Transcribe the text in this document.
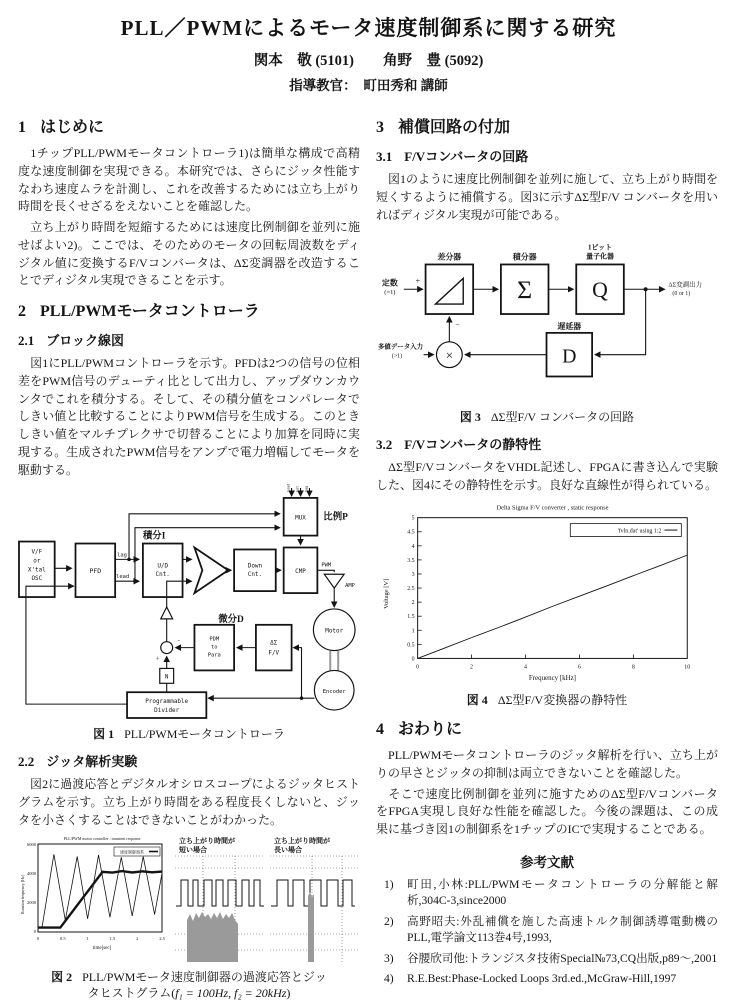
PLL／PWMによるモータ速度制御系に関する研究
関本　敬 (5101)　　角野　豊 (5092)
指導教官：　町田秀和 講師
1 はじめに

　1チップPLL/PWMモータコントローラ1)は簡単な構成で高精度な速度制御を実現できる。本研究では、さらにジッタ性能すなわち速度ムラを計測し、これを改善するためには立ち上がり時間を長くせざるをえないことを確認した。

　立ち上がり時間を短縮するためには速度比例制御を並列に施せばよい2)。ここでは、そのためのモータの回転周波数をディジタル値に変換するF/Vコンバータは、ΔΣ変調器を改造することでディジタル実現できることを示す。

2 PLL/PWMモータコントローラ
2.1 ブロック線図

　図1にPLL/PWMコントローラを示す。PFDは2つの信号の位相差をPWM信号のデューティ比として出力し、アップダウンカウンタでこれを積分する。そして、その積分値をコンパレータでしきい値と比較することによりPWM信号を生成する。このときしきい値をマルチプレクサで切替ることにより加算を同時に実現する。生成されたPWM信号をアンプで電力増幅してモータを駆動する。

V/F
or
X'tal
OSC
PFD
lag
lead
積分I
U/D
Cnt.
Down
Cnt.	CMP
MUX
lead lot lag
比例P
PWM
AMP
Motor
Encoder
微分D
PDM
to
Para
ΔΣ
F/V
-
+
N
Programmable
Divider
図 1 PLL/PWMモータコントローラ
2.2 ジッタ解析実験

　図2に過渡応答とデジタルオシロスコープによるジッタヒストグラムを示す。立ち上がり時間をある程度長くしないと、ジッタを小さくすることはできないことがわかった。

PLL/PWM motor controller : transient response
速度制御器系
6000
4000
2000
0
Rotation frequency [Hz]
0	0.5	1	1.5	2	2.5
time[sec]
立ち上がり時間が
短い場合
立ち上がり時間が
長い場合
図 2 PLL/PWMモータ速度制御器の過渡応答とジッ
タヒストグラム(f₁ = 100Hz, f₂ = 20kHz)
3 補償回路の付加
3.1 F/Vコンバータの回路

　図1のように速度比例制御を並列に施して、立ち上がり時間を短くするように補償する。図3に示すΔΣ型F/V コンバータを用いればディジタル実現が可能である。

定数
(=1)
+
差分器	積分器
Σ
1ビット
量子化器
Q	ΔΣ変調出力
(0 or 1)
遅延器
D
×
−
多値データ入力
(>1)
図 3 ΔΣ型F/V コンバータの回路
3.2 F/Vコンバータの静特性

　ΔΣ型F/VコンバータをVHDL記述し、FPGAに書き込んで実験した、図4にその静特性を示す。良好な直線性が得られている。

Delta Sigma F/V converter , static response
'fvln.dat' using 1:2
5
4.5
4
3.5
3
2.5
2
1.5
1
0.5
0
0	2	4	6	8	10
Voltage [V]
Frequency [kHz]
図 4 ΔΣ型F/V変換器の静特性
4 おわりに

　PLL/PWMモータコントローラのジッタ解析を行い、立ち上がりの早さとジッタの抑制は両立できないことを確認した。

　そこで速度比例制御を並列に施すためのΔΣ型F/VコンバータをFPGA実現し良好な性能を確認した。今後の課題は、この成果に基づき図1の制御系を1チップのICで実現することである。

参考文献
1)	町田,小林:PLL/PWMモータコントローラの分解能と解析,304C-3,since2000
2)	高野昭夫:外乱補償を施した高速トルク制御誘導電動機のPLL,電学論文113巻4号,1993,
3)	谷腰欣司他:トランジスタ技術Special№73,CQ出版,p89〜,2001
4)	R.E.Best:Phase-Locked Loops 3rd.ed.,McGraw-Hill,1997
